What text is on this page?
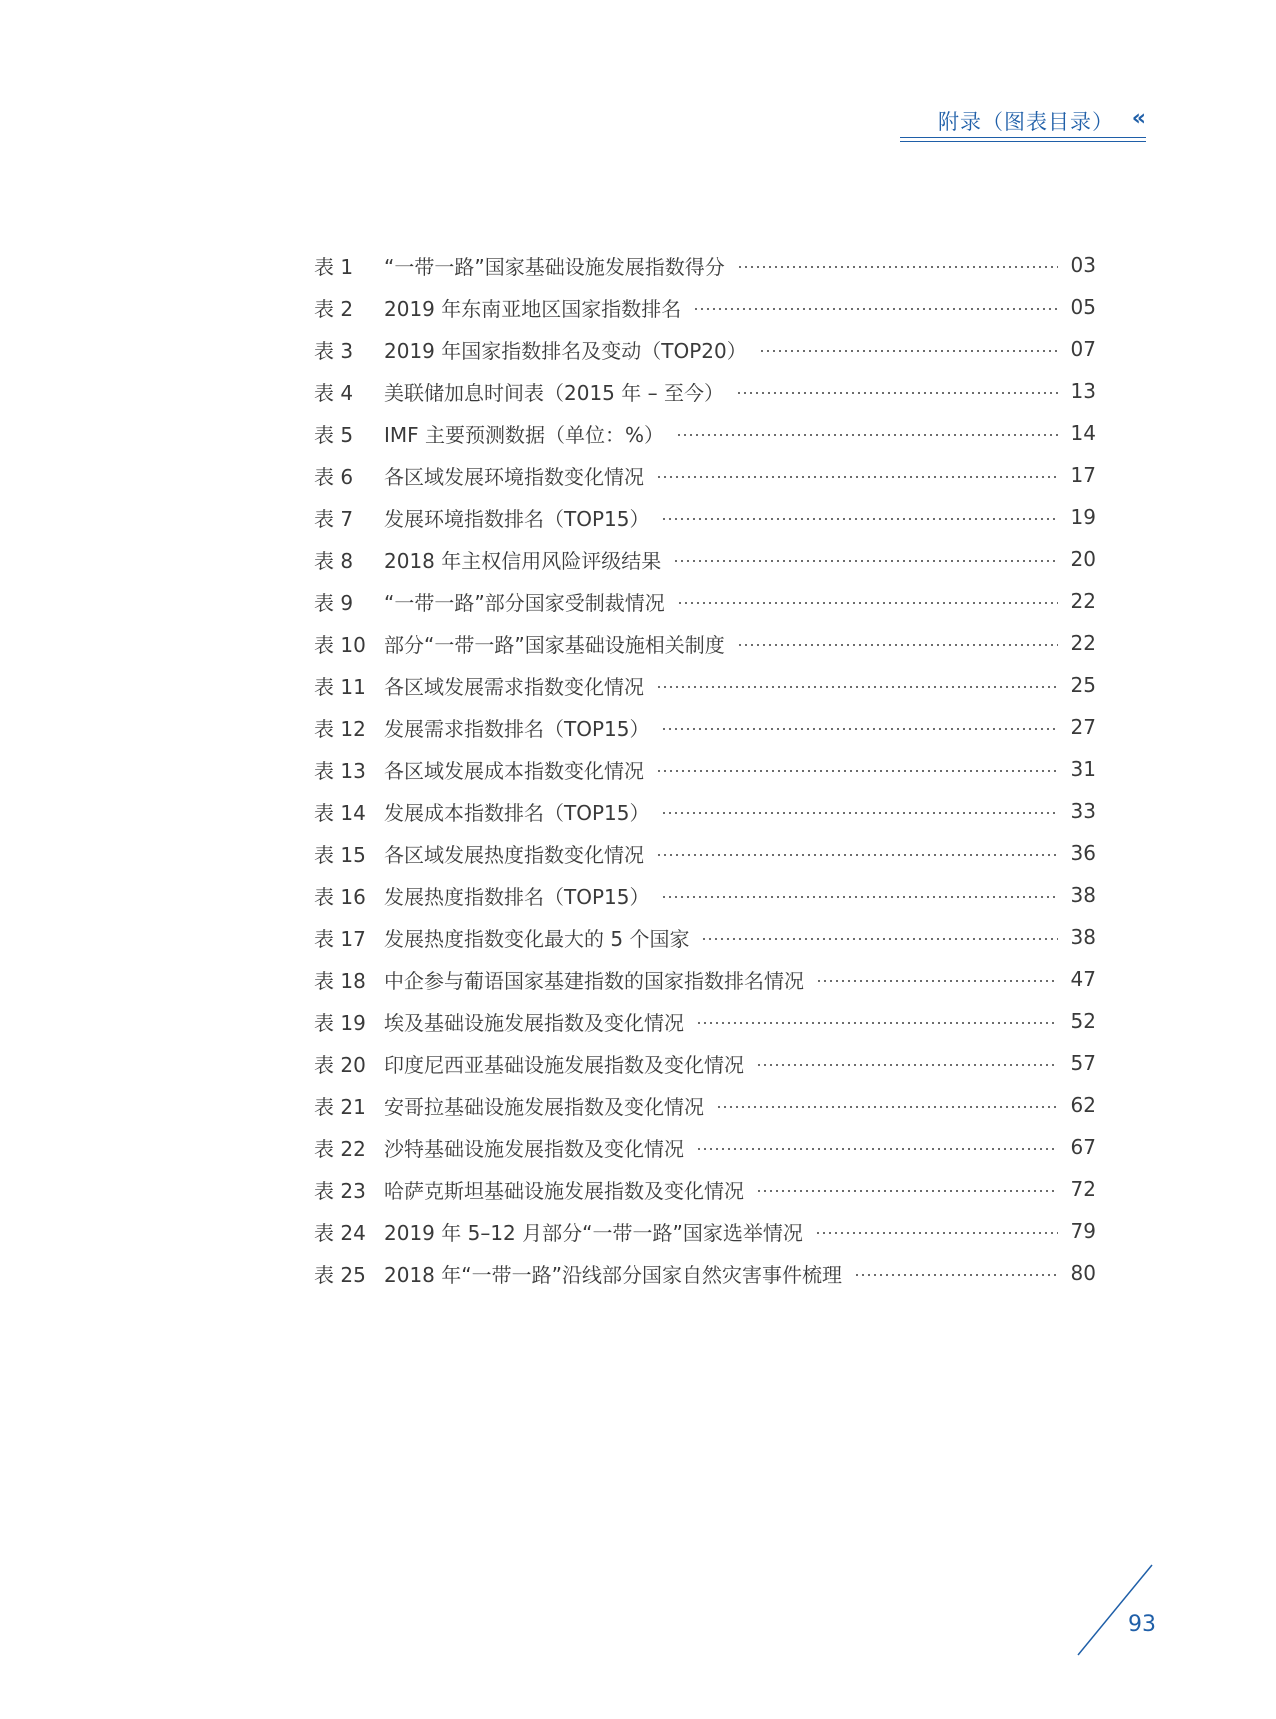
附录（图表目录） «
表 1	“一带一路”国家基础设施发展指数得分	03
表 2	2019 年东南亚地区国家指数排名	05
表 3	2019 年国家指数排名及变动（TOP20）	07
表 4	美联储加息时间表（2015 年 – 至今）	13
表 5	IMF 主要预测数据（单位：%）	14
表 6	各区域发展环境指数变化情况	17
表 7	发展环境指数排名（TOP15）	19
表 8	2018 年主权信用风险评级结果	20
表 9	“一带一路”部分国家受制裁情况	22
表 10 部分“一带一路”国家基础设施相关制度	22
表 11 各区域发展需求指数变化情况	25
表 12 发展需求指数排名（TOP15）	27
表 13 各区域发展成本指数变化情况	31
表 14 发展成本指数排名（TOP15）	33
表 15 各区域发展热度指数变化情况	36
表 16 发展热度指数排名（TOP15）	38
表 17 发展热度指数变化最大的 5 个国家	38
表 18 中企参与葡语国家基建指数的国家指数排名情况	47
表 19 埃及基础设施发展指数及变化情况	52
表 20 印度尼西亚基础设施发展指数及变化情况	57
表 21 安哥拉基础设施发展指数及变化情况	62
表 22 沙特基础设施发展指数及变化情况	67
表 23 哈萨克斯坦基础设施发展指数及变化情况	72
表 24 2019 年 5–12 月部分“一带一路”国家选举情况	79
表 25 2018 年“一带一路”沿线部分国家自然灾害事件梳理	80
93
